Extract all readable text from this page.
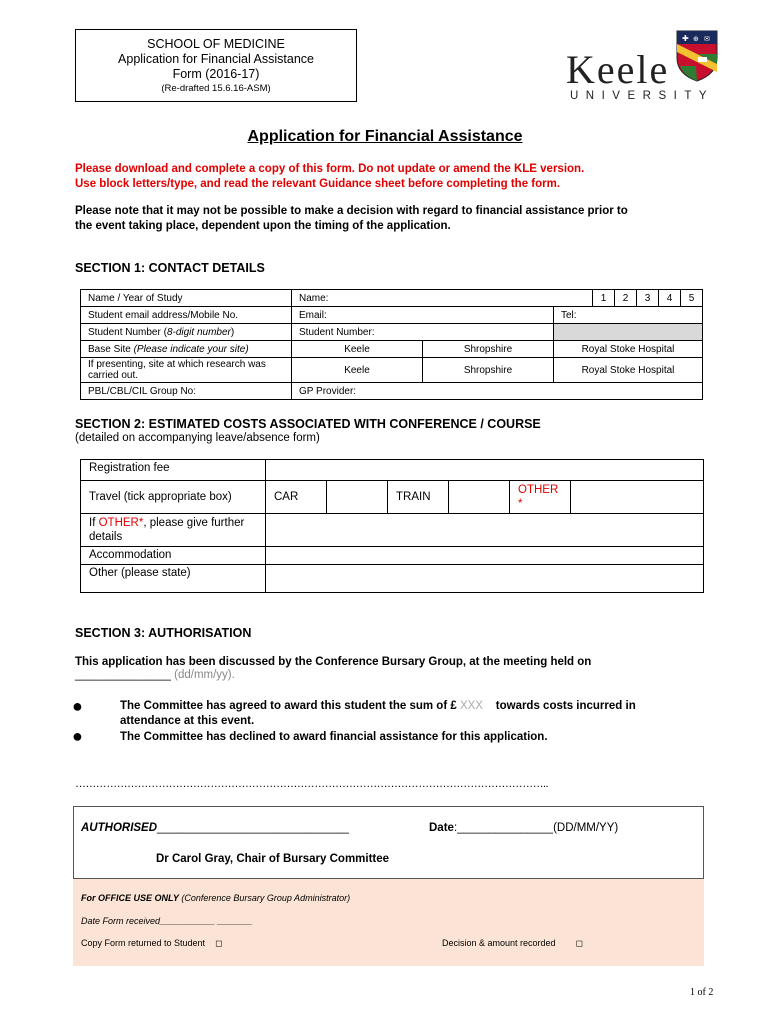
SCHOOL OF MEDICINE
Application for Financial Assistance
Form (2016-17)
(Re-drafted 15.6.16-ASM)
✚ ⊕ ✉
Keele
UNIVERSITY
Application for Financial Assistance
Please download and complete a copy of this form. Do not update or amend the KLE version.
Use block letters/type, and read the relevant Guidance sheet before completing the form.
Please note that it may not be possible to make a decision with regard to financial assistance prior to
the event taking place, dependent upon the timing of the application.
SECTION 1: CONTACT DETAILS
Name / Year of Study	Name:			1	2	3	4	5
Student email address/Mobile No.	Email:		Tel:					
Student Number (8-digit number)	Student Number:							
Base Site (Please indicate your site)	Keele	Shropshire	Royal Stoke Hospital					
If presenting, site at which research was carried out.	Keele	Shropshire	Royal Stoke Hospital					
PBL/CBL/CIL Group No:	GP Provider:							
SECTION 2: ESTIMATED COSTS ASSOCIATED WITH CONFERENCE / COURSE
(detailed on accompanying leave/absence form)
Registration fee						
Travel (tick appropriate box)	CAR		TRAIN		OTHER
*	

If OTHER*, please give further details						
Accommodation						
Other (please state)						
SECTION 3: AUTHORISATION
This application has been discussed by the Conference Bursary Group, at the meeting held on
_______________ (dd/mm/yy).
●	The Committee has agreed to award this student the sum of £ XXX towards costs incurred in
attendance at this event.
●	The Committee has declined to award financial assistance for this application.
………………………………………………………………………………………………………………………..
AUTHORISED______________________________	Date:_______________(DD/MM/YY)
Dr Carol Gray, Chair of Bursary Committee
For OFFICE USE ONLY (Conference Bursary Group Administrator)
Date Form received___________ _______
Copy Form returned to Student ◻	Decision & amount recorded ◻
1 of 2
